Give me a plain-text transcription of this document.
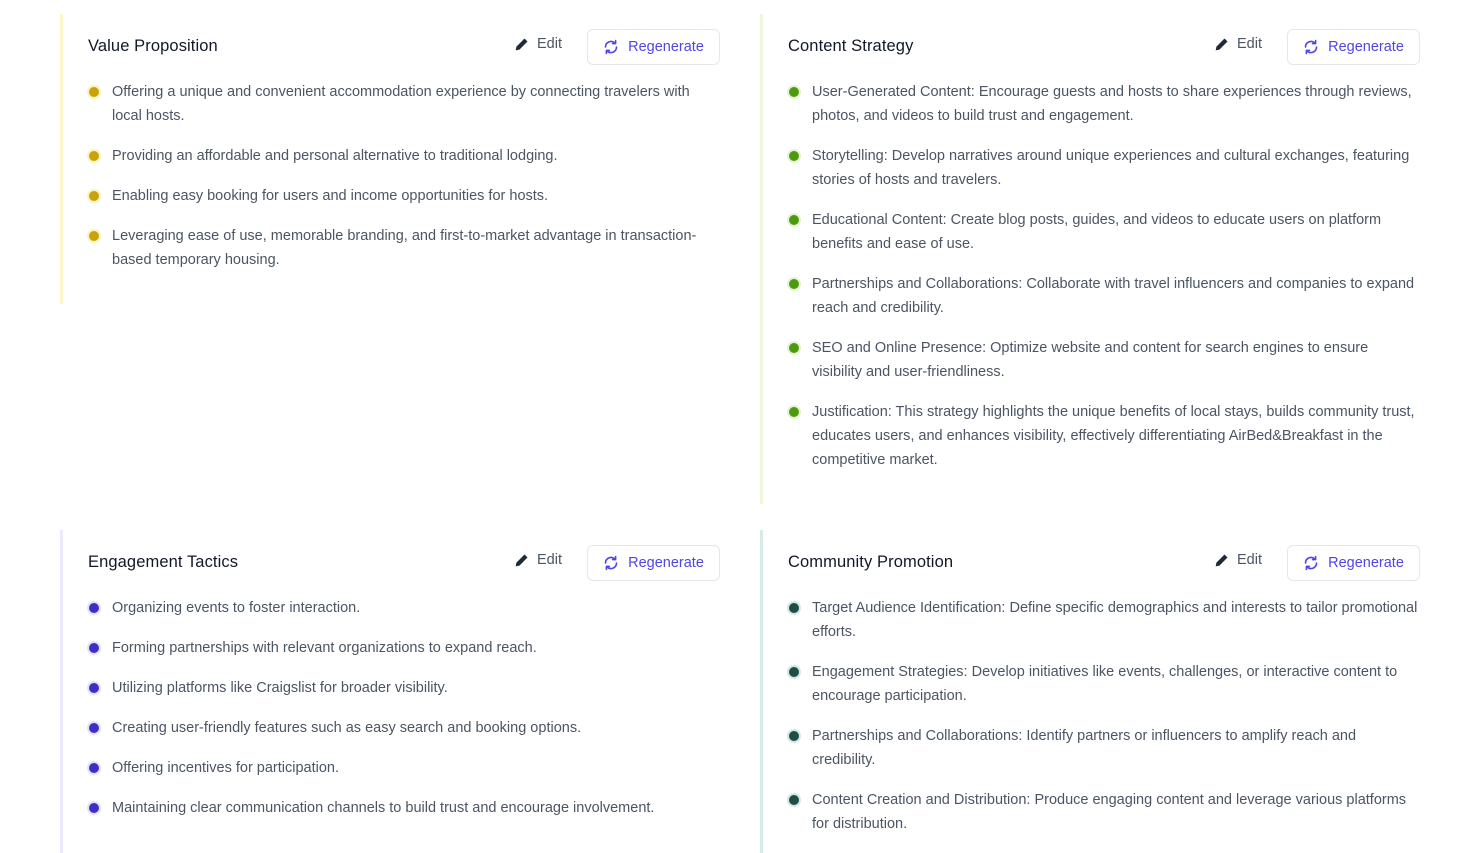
Value Proposition	Edit	Regenerate
Offering a unique and convenient accommodation experience by connecting travelers with local hosts.
Providing an affordable and personal alternative to traditional lodging.
Enabling easy booking for users and income opportunities for hosts.
Leveraging ease of use, memorable branding, and first-to-market advantage in transaction-based temporary housing.
Content Strategy	Edit	Regenerate
User-Generated Content: Encourage guests and hosts to share experiences through reviews, photos, and videos to build trust and engagement.
Storytelling: Develop narratives around unique experiences and cultural exchanges, featuring stories of hosts and travelers.
Educational Content: Create blog posts, guides, and videos to educate users on platform benefits and ease of use.
Partnerships and Collaborations: Collaborate with travel influencers and companies to expand reach and credibility.
SEO and Online Presence: Optimize website and content for search engines to ensure visibility and user-friendliness.
Justification: This strategy highlights the unique benefits of local stays, builds community trust, educates users, and enhances visibility, effectively differentiating AirBed&Breakfast in the competitive market.
Engagement Tactics	Edit	Regenerate
Organizing events to foster interaction.
Forming partnerships with relevant organizations to expand reach.
Utilizing platforms like Craigslist for broader visibility.
Creating user-friendly features such as easy search and booking options.
Offering incentives for participation.
Maintaining clear communication channels to build trust and encourage involvement.
Community Promotion	Edit	Regenerate
Target Audience Identification: Define specific demographics and interests to tailor promotional efforts.
Engagement Strategies: Develop initiatives like events, challenges, or interactive content to encourage participation.
Partnerships and Collaborations: Identify partners or influencers to amplify reach and credibility.
Content Creation and Distribution: Produce engaging content and leverage various platforms for distribution.
